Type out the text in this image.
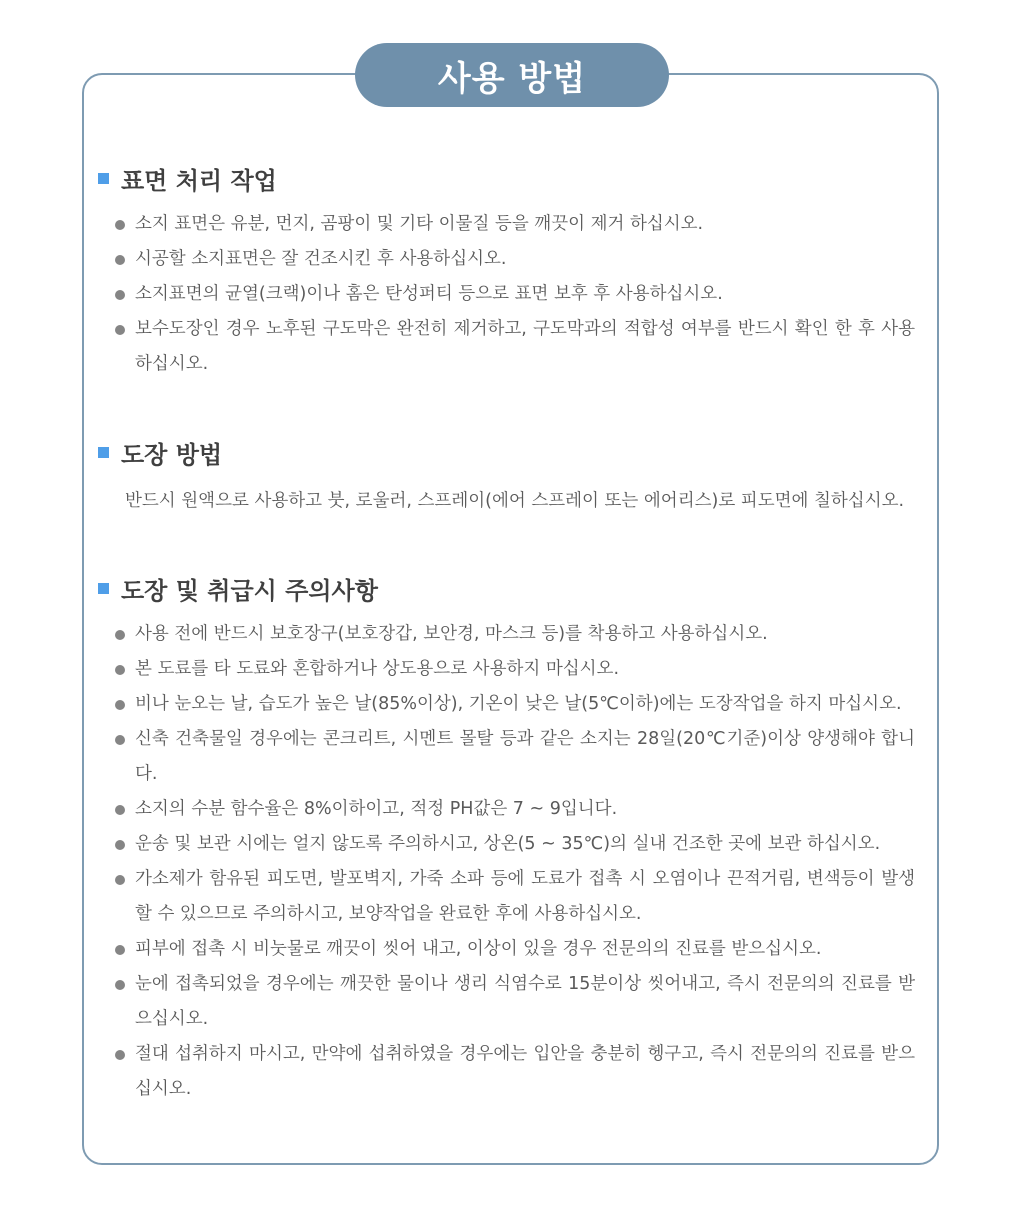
사용 방법
표면 처리 작업
소지 표면은 유분, 먼지, 곰팡이 및 기타 이물질 등을 깨끗이 제거 하십시오.
시공할 소지표면은 잘 건조시킨 후 사용하십시오.
소지표면의 균열(크랙)이나 홈은 탄성퍼티 등으로 표면 보후 후 사용하십시오.
보수도장인 경우 노후된 구도막은 완전히 제거하고, 구도막과의 적합성 여부를 반드시 확인 한 후 사용하십시오.
도장 방법
반드시 원액으로 사용하고 붓, 로울러, 스프레이(에어 스프레이 또는 에어리스)로 피도면에 칠하십시오.
도장 및 취급시 주의사항
사용 전에 반드시 보호장구(보호장갑, 보안경, 마스크 등)를 착용하고 사용하십시오.
본 도료를 타 도료와 혼합하거나 상도용으로 사용하지 마십시오.
비나 눈오는 날, 습도가 높은 날(85%이상), 기온이 낮은 날(5℃이하)에는 도장작업을 하지 마십시오.
신축 건축물일 경우에는 콘크리트, 시멘트 몰탈 등과 같은 소지는 28일(20℃기준)이상 양생해야 합니다.
소지의 수분 함수율은 8%이하이고, 적정 PH값은 7 ~ 9입니다.
운송 및 보관 시에는 얼지 않도록 주의하시고, 상온(5 ~ 35℃)의 실내 건조한 곳에 보관 하십시오.
가소제가 함유된 피도면, 발포벽지, 가죽 소파 등에 도료가 접촉 시 오염이나 끈적거림, 변색등이 발생할 수 있으므로 주의하시고, 보양작업을 완료한 후에 사용하십시오.
피부에 접촉 시 비눗물로 깨끗이 씻어 내고, 이상이 있을 경우 전문의의 진료를 받으십시오.
눈에 접촉되었을 경우에는 깨끗한 물이나 생리 식염수로 15분이상 씻어내고, 즉시 전문의의 진료를 받으십시오.
절대 섭취하지 마시고, 만약에 섭취하였을 경우에는 입안을 충분히 헹구고, 즉시 전문의의 진료를 받으십시오.
